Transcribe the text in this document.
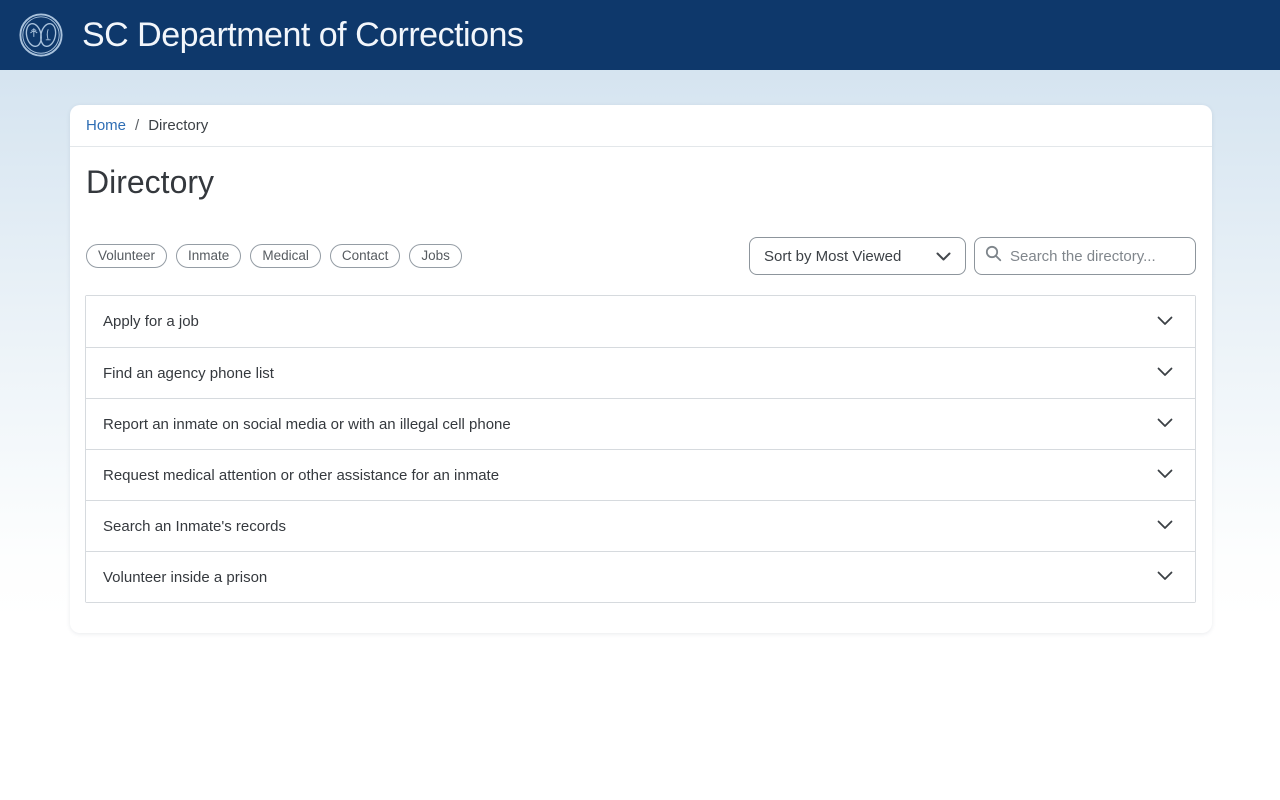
SC Department of Corrections
Home / Directory
Directory
Volunteer	Inmate	Medical	Contact	Jobs	Sort by Most Viewed
Search the directory...
Apply for a job
Find an agency phone list
Report an inmate on social media or with an illegal cell phone
Request medical attention or other assistance for an inmate
Search an Inmate's records
Volunteer inside a prison
